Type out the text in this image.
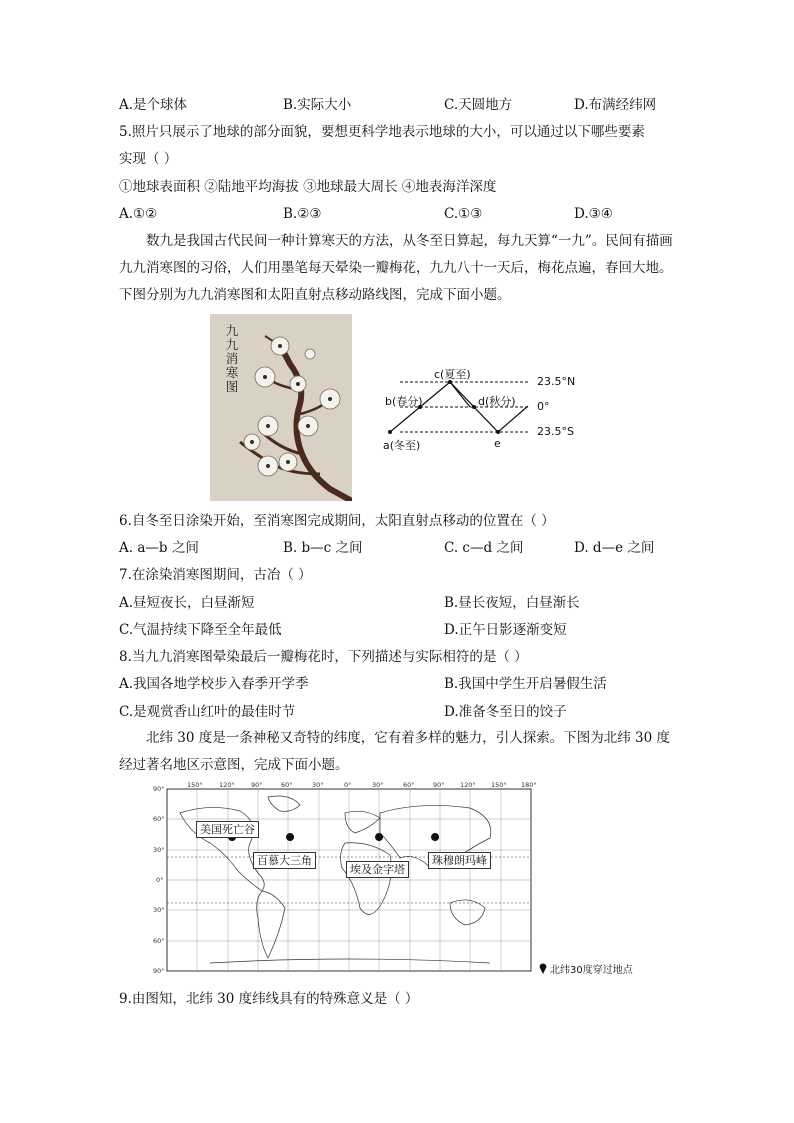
A.是个球体	B.实际大小	C.天圆地方	D.布满经纬网
5.照片只展示了地球的部分面貌，要想更科学地表示地球的大小，可以通过以下哪些要素
实现（ ）
①地球表面积 ②陆地平均海拔 ③地球最大周长 ④地表海洋深度
A.①②	B.②③	C.①③	D.③④
数九是我国古代民间一种计算寒天的方法，从冬至日算起，每九天算“一九”。民间有描画九九消寒图的习俗，人们用墨笔每天晕染一瓣梅花，九九八十一天后，梅花点遍，春回大地。下图分别为九九消寒图和太阳直射点移动路线图，完成下面小题。
九
九
消
寒
图
c(夏至)
b(春分)	d(秋分)
a(冬至)	e
23.5°N
0°
23.5°S
6.自冬至日涂染开始，至消寒图完成期间，太阳直射点移动的位置在（ ）
A. a—b 之间	B. b—c 之间	C. c—d 之间	D. d—e 之间
7.在涂染消寒图期间，古冶（ ）
A.昼短夜长，白昼渐短	B.昼长夜短，白昼渐长
C.气温持续下降至全年最低	D.正午日影逐渐变短
8.当九九消寒图晕染最后一瓣梅花时，下列描述与实际相符的是（ ）
A.我国各地学校步入春季开学季	B.我国中学生开启暑假生活
C.是观赏香山红叶的最佳时节	D.准备冬至日的饺子
北纬 30 度是一条神秘又奇特的纬度，它有着多样的魅力，引人探索。下图为北纬 30 度经过著名地区示意图，完成下面小题。
150°	120°	90°	60°	30°	0°	30°	60°	90° 120° 150° 180°
90°
60°
30°
0°
30°
60°
90°
美国死亡谷
百慕大三角
埃及金字塔
珠穆朗玛峰
北纬30度穿过地点
9.由图知，北纬 30 度纬线具有的特殊意义是（ ）
